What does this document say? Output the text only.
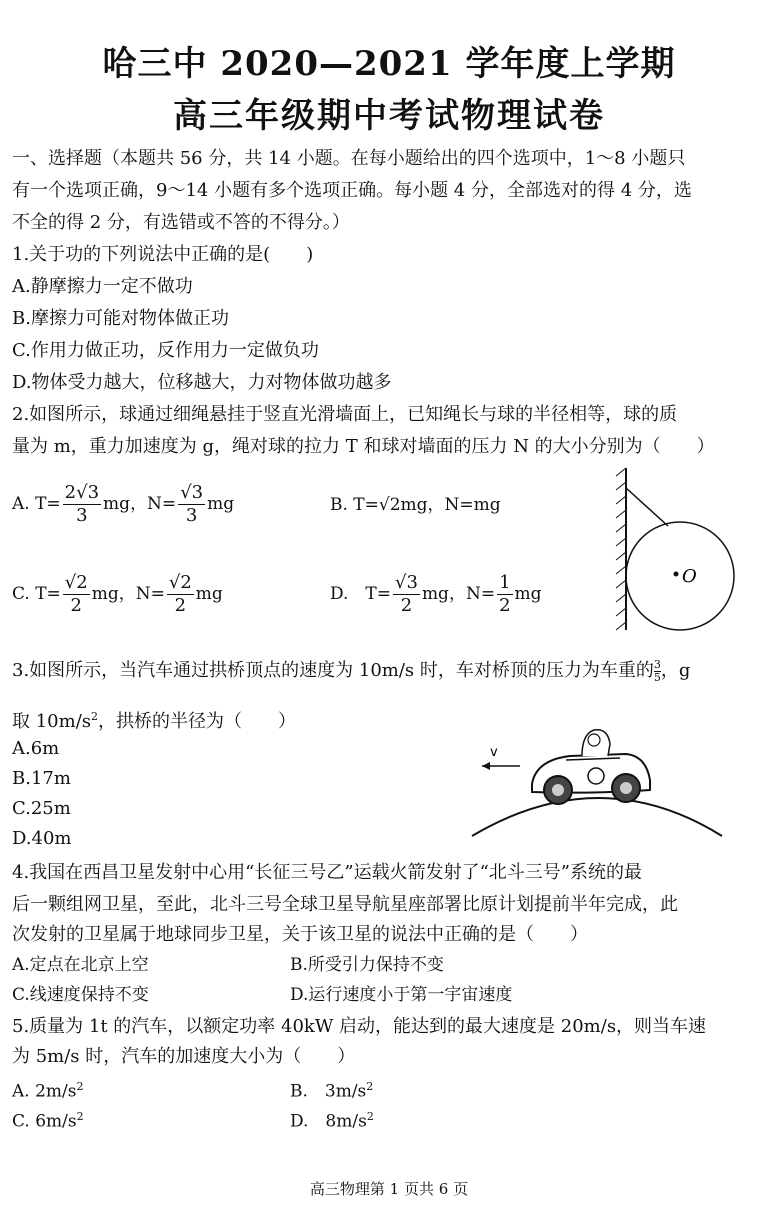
哈三中 2020—2021 学年度上学期
高三年级期中考试物理试卷
一、选择题（本题共 56 分，共 14 小题。在每小题给出的四个选项中，1～8 小题只
有一个选项正确，9～14 小题有多个选项正确。每小题 4 分，全部选对的得 4 分，选
不全的得 2 分，有选错或不答的不得分。）
1.关于功的下列说法中正确的是(　　)
A.静摩擦力一定不做功
B.摩擦力可能对物体做正功
C.作用力做正功，反作用力一定做负功
D.物体受力越大，位移越大，力对物体做功越多
2.如图所示，球通过细绳悬挂于竖直光滑墙面上，已知绳长与球的半径相等，球的质
量为 m，重力加速度为 g，绳对球的拉力 T 和球对墙面的压力 N 的大小分别为（　　）
A. $T= \frac{2√3}{3}$ mg，$N= \frac{√3}{3}$ mg	B. T=√2mg，N=mg
C. $T= \frac{√2}{2}$ mg，$N= \frac{√2}{2}$ mg	D.　$T= \frac{√3}{2}$ mg，$N= \frac{1}{2}$ mg
O
3.如图所示，当汽车通过拱桥顶点的速度为 10m/s 时，车对桥顶的压力为车重的 $\frac{3}{5}$ ，g
取 $10m/s^2$，拱桥的半径为（　　）
A.6m
B.17m
C.25m
D.40m
v
4.我国在西昌卫星发射中心用“长征三号乙”运载火箭发射了“北斗三号”系统的最
后一颗组网卫星，至此，北斗三号全球卫星导航星座部署比原计划提前半年完成，此
次发射的卫星属于地球同步卫星，关于该卫星的说法中正确的是（　　）
A.定点在北京上空	B.所受引力保持不变
C.线速度保持不变	D.运行速度小于第一宇宙速度
5.质量为 1t 的汽车，以额定功率 40kW 启动，能达到的最大速度是 20m/s，则当车速
为 5m/s 时，汽车的加速度大小为（　　）
A. $2m/s^2$	B.　$3m/s^2$
C. $6m/s^2$	D.　$8m/s^2$
高三物理第 1 页共 6 页
